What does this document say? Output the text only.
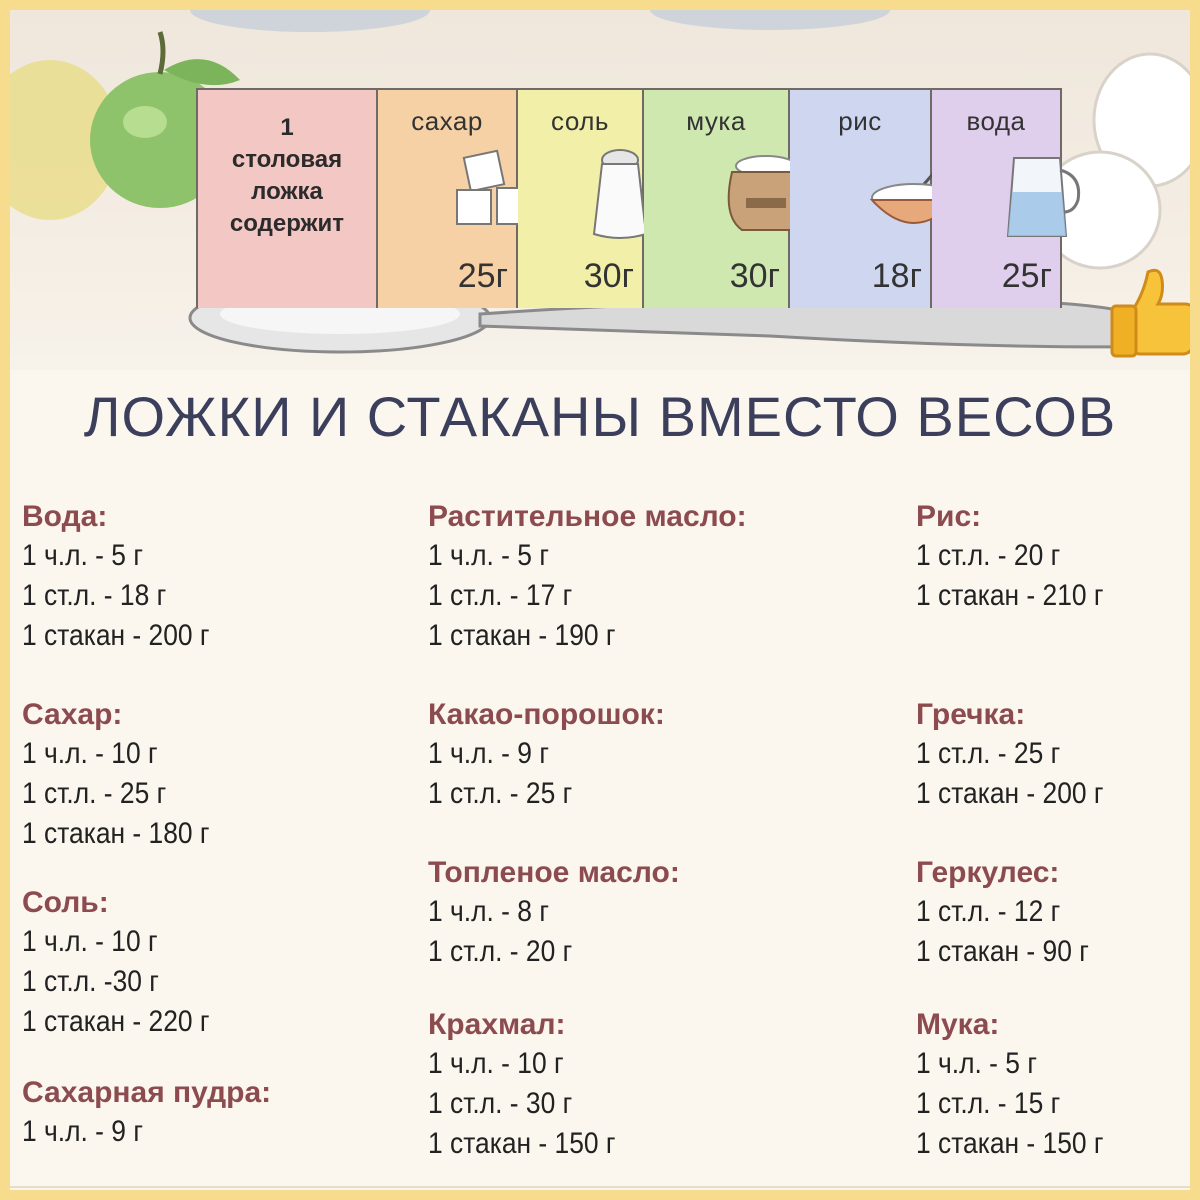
1
столовая
ложка
содержит
сахар
25г
соль
30г
мука
30г
рис
18г
вода
25г
ЛОЖКИ И СТАКАНЫ ВМЕСТО ВЕСОВ
Вода:
1 ч.л. - 5 г
1 ст.л. - 18 г
1 стакан - 200 г
Сахар:
1 ч.л. - 10 г
1 ст.л. - 25 г
1 стакан - 180 г
Соль:
1 ч.л. - 10 г
1 ст.л. -30 г
1 стакан - 220 г
Сахарная пудра:
1 ч.л. - 9 г
Растительное масло:
1 ч.л. - 5 г
1 ст.л. - 17 г
1 стакан - 190 г
Какао-порошок:
1 ч.л. - 9 г
1 ст.л. - 25 г
Топленое масло:
1 ч.л. - 8 г
1 ст.л. - 20 г
Крахмал:
1 ч.л. - 10 г
1 ст.л. - 30 г
1 стакан - 150 г
Рис:
1 ст.л. - 20 г
1 стакан - 210 г
Гречка:
1 ст.л. - 25 г
1 стакан - 200 г
Геркулес:
1 ст.л. - 12 г
1 стакан - 90 г
Мука:
1 ч.л. - 5 г
1 ст.л. - 15 г
1 стакан - 150 г
